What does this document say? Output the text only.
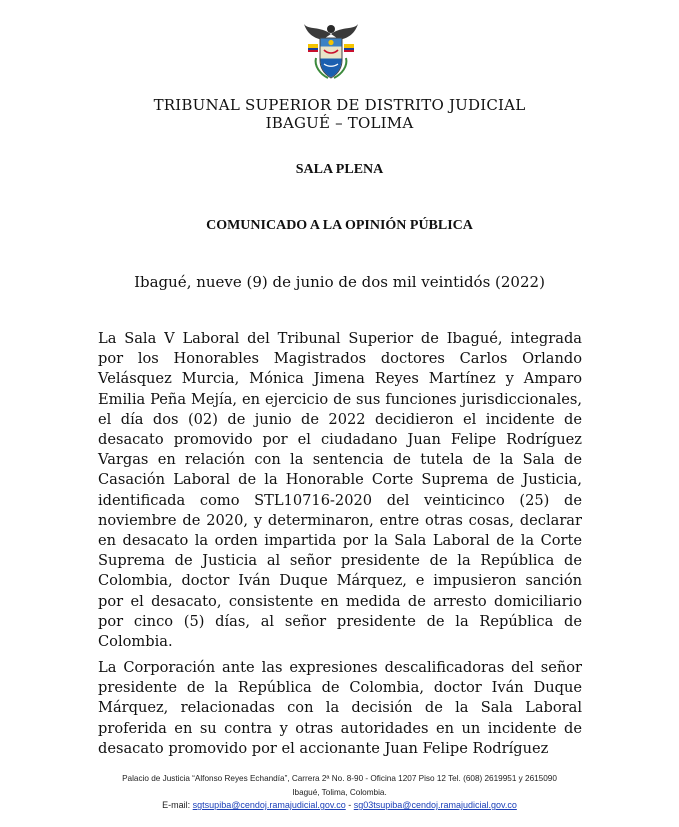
TRIBUNAL SUPERIOR DE DISTRITO JUDICIAL
IBAGUÉ – TOLIMA
SALA PLENA
COMUNICADO A LA OPINIÓN PÚBLICA
Ibagué, nueve (9) de junio de dos mil veintidós (2022)

La Sala V Laboral del Tribunal Superior de Ibagué, integrada por los Honorables Magistrados doctores Carlos Orlando Velásquez Murcia, Mónica Jimena Reyes Martínez y Amparo Emilia Peña Mejía, en ejercicio de sus funciones jurisdiccionales, el día dos (02) de junio de 2022 decidieron el incidente de desacato promovido por el ciudadano Juan Felipe Rodríguez Vargas en relación con la sentencia de tutela de la Sala de Casación Laboral de la Honorable Corte Suprema de Justicia, identificada como STL10716-2020 del veinticinco (25) de noviembre de 2020, y determinaron, entre otras cosas, declarar en desacato la orden impartida por la Sala Laboral de la Corte Suprema de Justicia al señor presidente de la República de Colombia, doctor Iván Duque Márquez, e impusieron sanción por el desacato, consistente en medida de arresto domiciliario por cinco (5) días, al señor presidente de la República de Colombia.

La Corporación ante las expresiones descalificadoras del señor presidente de la República de Colombia, doctor Iván Duque Márquez, relacionadas con la decisión de la Sala Laboral proferida en su contra y otras autoridades en un incidente de desacato promovido por el accionante Juan Felipe Rodríguez

Palacio de Justicia “Alfonso Reyes Echandía”, Carrera 2ª No. 8-90 - Oficina 1207 Piso 12 Tel. (608) 2619951 y 2615090
Ibagué, Tolima, Colombia.
E-mail: sgtsupiba@cendoj.ramajudicial.gov.co - sg03tsupiba@cendoj.ramajudicial.gov.co
